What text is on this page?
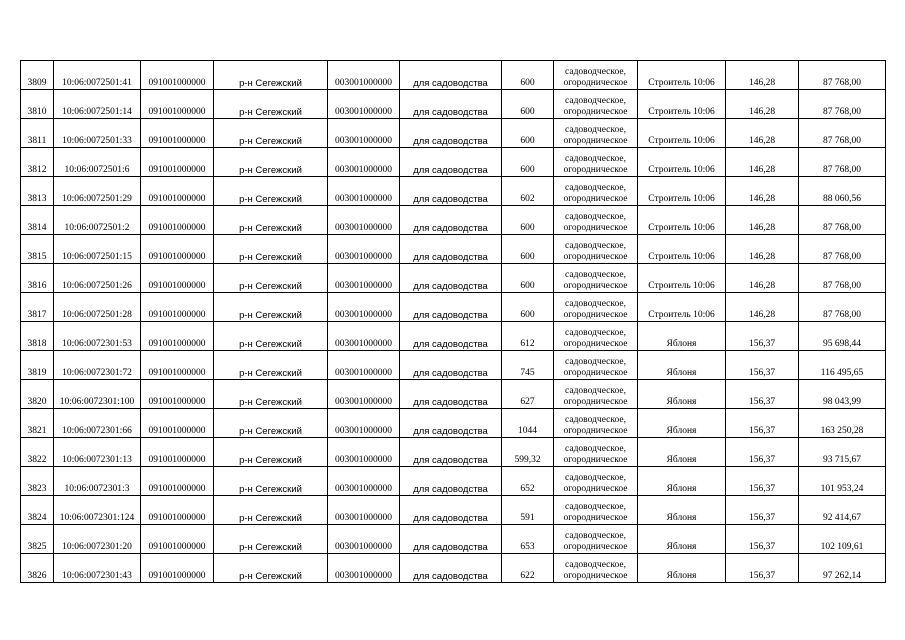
3809	10:06:0072501:41	091001000000	р-н Сегежский	003001000000	для садоводства	600	садоводческое,
огородническое	Строитель 10:06	146,28	87 768,00
3810	10:06:0072501:14	091001000000	р-н Сегежский	003001000000	для садоводства	600	садоводческое,
огородническое	Строитель 10:06	146,28	87 768,00
3811	10:06:0072501:33	091001000000	р-н Сегежский	003001000000	для садоводства	600	садоводческое,
огородническое	Строитель 10:06	146,28	87 768,00
3812	10:06:0072501:6	091001000000	р-н Сегежский	003001000000	для садоводства	600	садоводческое,
огородническое	Строитель 10:06	146,28	87 768,00
3813	10:06:0072501:29	091001000000	р-н Сегежский	003001000000	для садоводства	602	садоводческое,
огородническое	Строитель 10:06	146,28	88 060,56
3814	10:06:0072501:2	091001000000	р-н Сегежский	003001000000	для садоводства	600	садоводческое,
огородническое	Строитель 10:06	146,28	87 768,00
3815	10:06:0072501:15	091001000000	р-н Сегежский	003001000000	для садоводства	600	садоводческое,
огородническое	Строитель 10:06	146,28	87 768,00
3816	10:06:0072501:26	091001000000	р-н Сегежский	003001000000	для садоводства	600	садоводческое,
огородническое	Строитель 10:06	146,28	87 768,00
3817	10:06:0072501:28	091001000000	р-н Сегежский	003001000000	для садоводства	600	садоводческое,
огородническое	Строитель 10:06	146,28	87 768,00
3818	10:06:0072301:53	091001000000	р-н Сегежский	003001000000	для садоводства	612	садоводческое,
огородническое	Яблоня	156,37	95 698,44
3819	10:06:0072301:72	091001000000	р-н Сегежский	003001000000	для садоводства	745	садоводческое,
огородническое	Яблоня	156,37	116 495,65
3820	10:06:0072301:100	091001000000	р-н Сегежский	003001000000	для садоводства	627	садоводческое,
огородническое	Яблоня	156,37	98 043,99
3821	10:06:0072301:66	091001000000	р-н Сегежский	003001000000	для садоводства	1044	садоводческое,
огородническое	Яблоня	156,37	163 250,28
3822	10:06:0072301:13	091001000000	р-н Сегежский	003001000000	для садоводства	599,32	садоводческое,
огородническое	Яблоня	156,37	93 715,67
3823	10:06:0072301:3	091001000000	р-н Сегежский	003001000000	для садоводства	652	садоводческое,
огородническое	Яблоня	156,37	101 953,24
3824	10:06:0072301:124	091001000000	р-н Сегежский	003001000000	для садоводства	591	садоводческое,
огородническое	Яблоня	156,37	92 414,67
3825	10:06:0072301:20	091001000000	р-н Сегежский	003001000000	для садоводства	653	садоводческое,
огородническое	Яблоня	156,37	102 109,61
3826	10:06:0072301:43	091001000000	р-н Сегежский	003001000000	для садоводства	622	садоводческое,
огородническое	Яблоня	156,37	97 262,14
